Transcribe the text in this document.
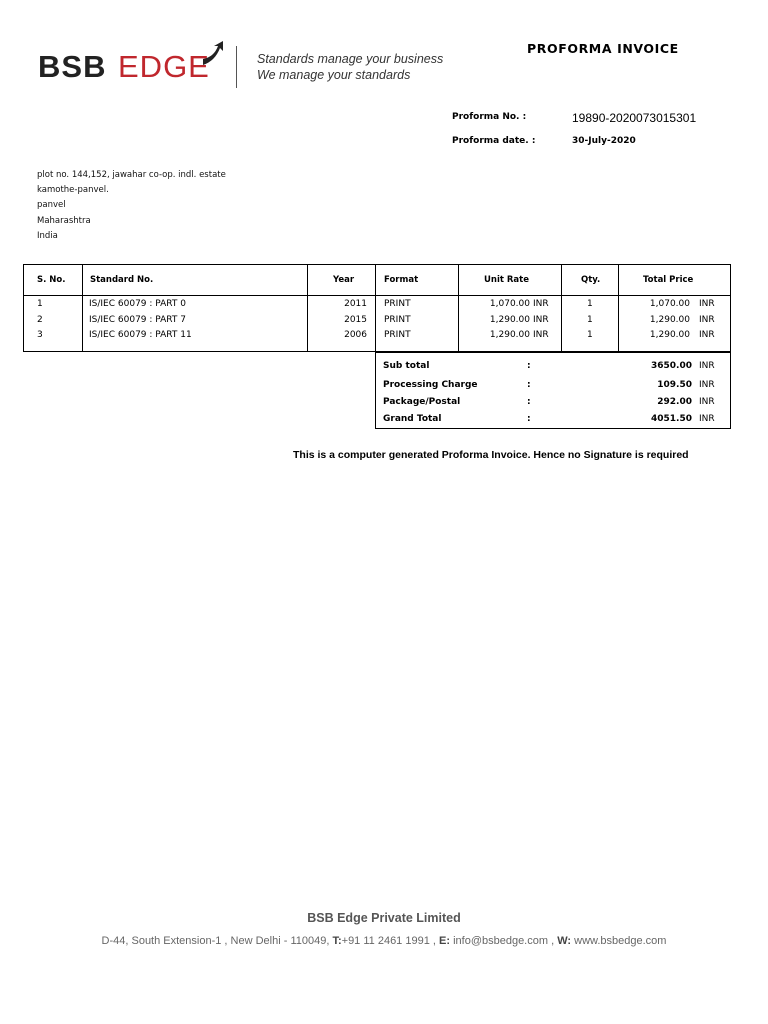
BSB EDGE	Standards manage your business
We manage your standards
PROFORMA INVOICE
Proforma No. :	19890-2020073015301
Proforma date. :	30-July-2020
plot no. 144,152, jawahar co-op. indl. estate
kamothe-panvel.
panvel
Maharashtra
India
S. No.	Standard No.	Year	Format	Unit Rate	Qty.	Total Price
1	IS/IEC 60079 : PART 0	2011 PRINT	1,070.00 INR	1	1,070.00 INR
2	IS/IEC 60079 : PART 7	2015 PRINT	1,290.00 INR	1	1,290.00 INR
3	IS/IEC 60079 : PART 11	2006 PRINT	1,290.00 INR	1	1,290.00 INR
Sub total	:	3650.00 INR
Processing Charge	:	109.50 INR
Package/Postal	:	292.00 INR
Grand Total	:	4051.50 INR
This is a computer generated Proforma Invoice. Hence no Signature is required
BSB Edge Private Limited
D-44, South Extension-1 , New Delhi - 110049, T:+91 11 2461 1991 , E: info@bsbedge.com , W: www.bsbedge.com
